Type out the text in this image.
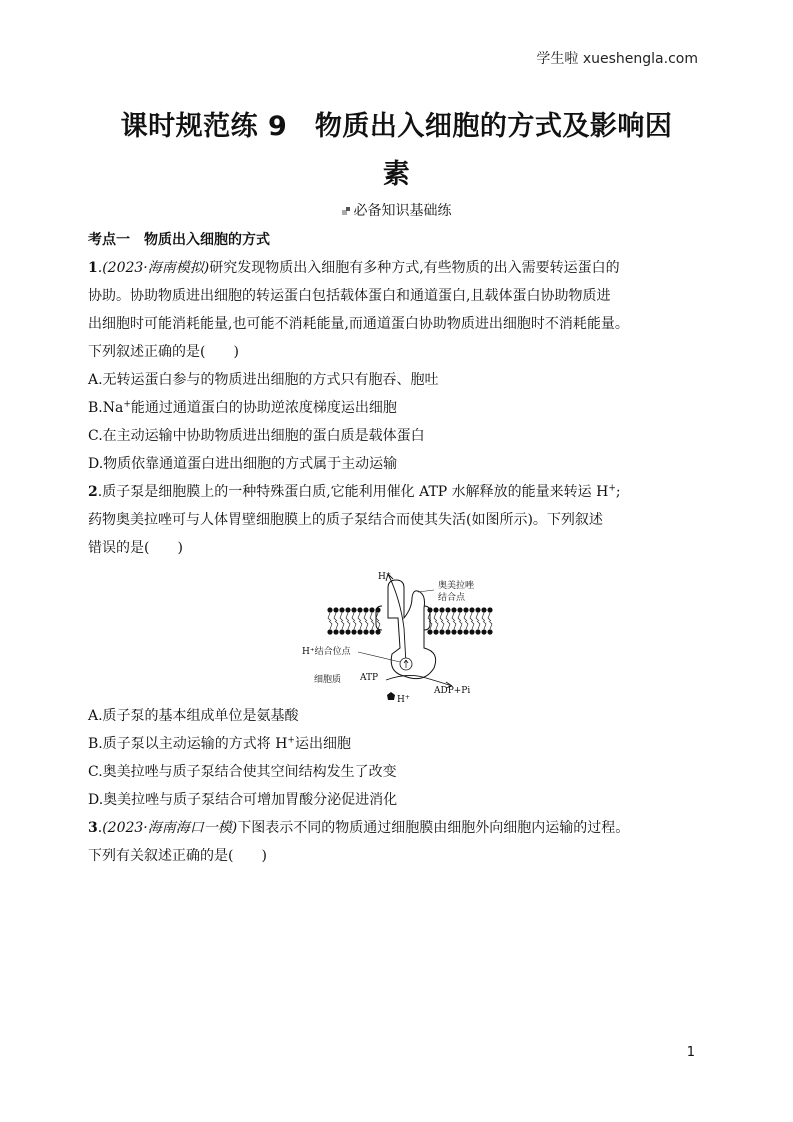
学生啦 xueshengla.com
课时规范练 9　物质出入细胞的方式及影响因
素
必备知识基础练
考点一　物质出入细胞的方式
1.(2023·海南模拟)研究发现物质出入细胞有多种方式,有些物质的出入需要转运蛋白的
协助。协助物质进出细胞的转运蛋白包括载体蛋白和通道蛋白,且载体蛋白协助物质进
出细胞时可能消耗能量,也可能不消耗能量,而通道蛋白协助物质进出细胞时不消耗能量。
下列叙述正确的是(　　)
A.无转运蛋白参与的物质进出细胞的方式只有胞吞、胞吐
B.Na+能通过通道蛋白的协助逆浓度梯度运出细胞
C.在主动运输中协助物质进出细胞的蛋白质是载体蛋白
D.物质依靠通道蛋白进出细胞的方式属于主动运输
2.质子泵是细胞膜上的一种特殊蛋白质,它能利用催化 ATP 水解释放的能量来转运 H+;
药物奥美拉唑可与人体胃壁细胞膜上的质子泵结合而使其失活(如图所示)。下列叙述
错误的是(　　)
A.质子泵的基本组成单位是氨基酸
B.质子泵以主动运输的方式将 H+运出细胞
C.奥美拉唑与质子泵结合使其空间结构发生了改变
D.奥美拉唑与质子泵结合可增加胃酸分泌促进消化
3.(2023·海南海口一模)下图表示不同的物质通过细胞膜由细胞外向细胞内运输的过程。
下列有关叙述正确的是(　　)
H+
奥美拉唑
结合点
H⁺结合位点
细胞质 ATP
ADP+Pi
H+
1
